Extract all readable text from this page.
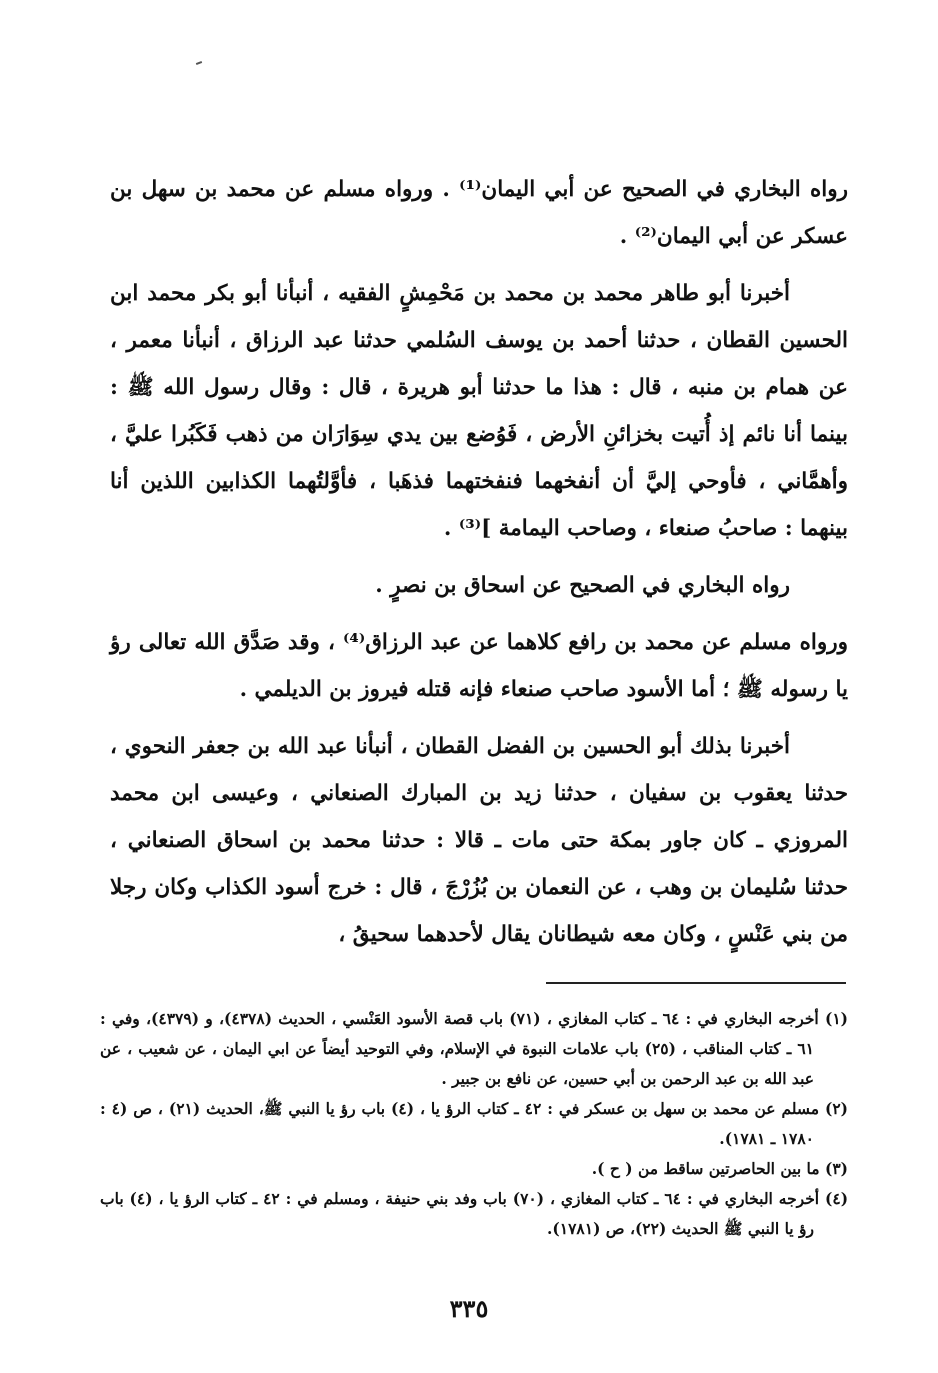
رواه البخاري في الصحيح عن أبي اليمان⁽¹⁾ . ورواه مسلم عن محمد بن سهل بن عسكر عن أبي اليمان⁽²⁾ .

أخبرنا أبو طاهر محمد بن محمد بن مَحْمِشٍ الفقيه ، أنبأنا أبو بكر محمد ابن الحسين القطان ، حدثنا أحمد بن يوسف السُلمي حدثنا عبد الرزاق ، أنبأنا معمر ، عن همام بن منبه ، قال : هذا ما حدثنا أبو هريرة ، قال : وقال رسول الله ﷺ : بينما أنا نائم إذ أُتيت بخزائنِ الأرض ، فَوُضع بين يدي سِوَارَان من ذهب فَكَبُرا عليَّ ، وأهمَّاني ، فأوحي إليَّ أن أنفخهما فنفختهما فذهَبا ، فأوَّلتُهما الكذابين اللذين أنا بينهما : صاحبُ صنعاء ، وصاحب اليمامة ]⁽³⁾ .

رواه البخاري في الصحيح عن اسحاق بن نصرٍ .

ورواه مسلم عن محمد بن رافع كلاهما عن عبد الرزاق⁽⁴⁾ ، وقد صَدَّق الله تعالى رؤ يا رسوله ﷺ ؛ أما الأسود صاحب صنعاء فإنه قتله فيروز بن الديلمي .

أخبرنا بذلك أبو الحسين بن الفضل القطان ، أنبأنا عبد الله بن جعفر النحوي ، حدثنا يعقوب بن سفيان ، حدثنا زيد بن المبارك الصنعاني ، وعيسى ابن محمد المروزي ـ كان جاور بمكة حتى مات ـ قالا : حدثنا محمد بن اسحاق الصنعاني ، حدثنا سُليمان بن وهب ، عن النعمان بن بُزُرْجَ ، قال : خرج أسود الكذاب وكان رجلا من بني عَنْسٍ ، وكان معه شيطانان يقال لأحدهما سحيقُ ،

(١) أخرجه البخاري في : ٦٤ ـ كتاب المغازي ، (٧١) باب قصة الأسود العَنْسي ، الحديث (٤٣٧٨)، و (٤٣٧٩)، وفي : ٦١ ـ كتاب المناقب ، (٢٥) باب علامات النبوة في الإسلام، وفي التوحيد أيضاً عن ابي اليمان ، عن شعيب ، عن عبد الله بن عبد الرحمن بن أبي حسين، عن نافع بن جبير .

(٢) مسلم عن محمد بن سهل بن عسكر في : ٤٢ ـ كتاب الرؤ يا ، (٤) باب رؤ يا النبي ﷺ، الحديث (٢١) ، ص (٤ : ١٧٨٠ ـ ١٧٨١).

(٣) ما بين الحاصرتين ساقط من ( ح ).

(٤) أخرجه البخاري في : ٦٤ ـ كتاب المغازي ، (٧٠) باب وفد بني حنيفة ، ومسلم في : ٤٢ ـ كتاب الرؤ يا ، (٤) باب رؤ يا النبي ﷺ الحديث (٢٢)، ص (١٧٨١).

٣٣٥
